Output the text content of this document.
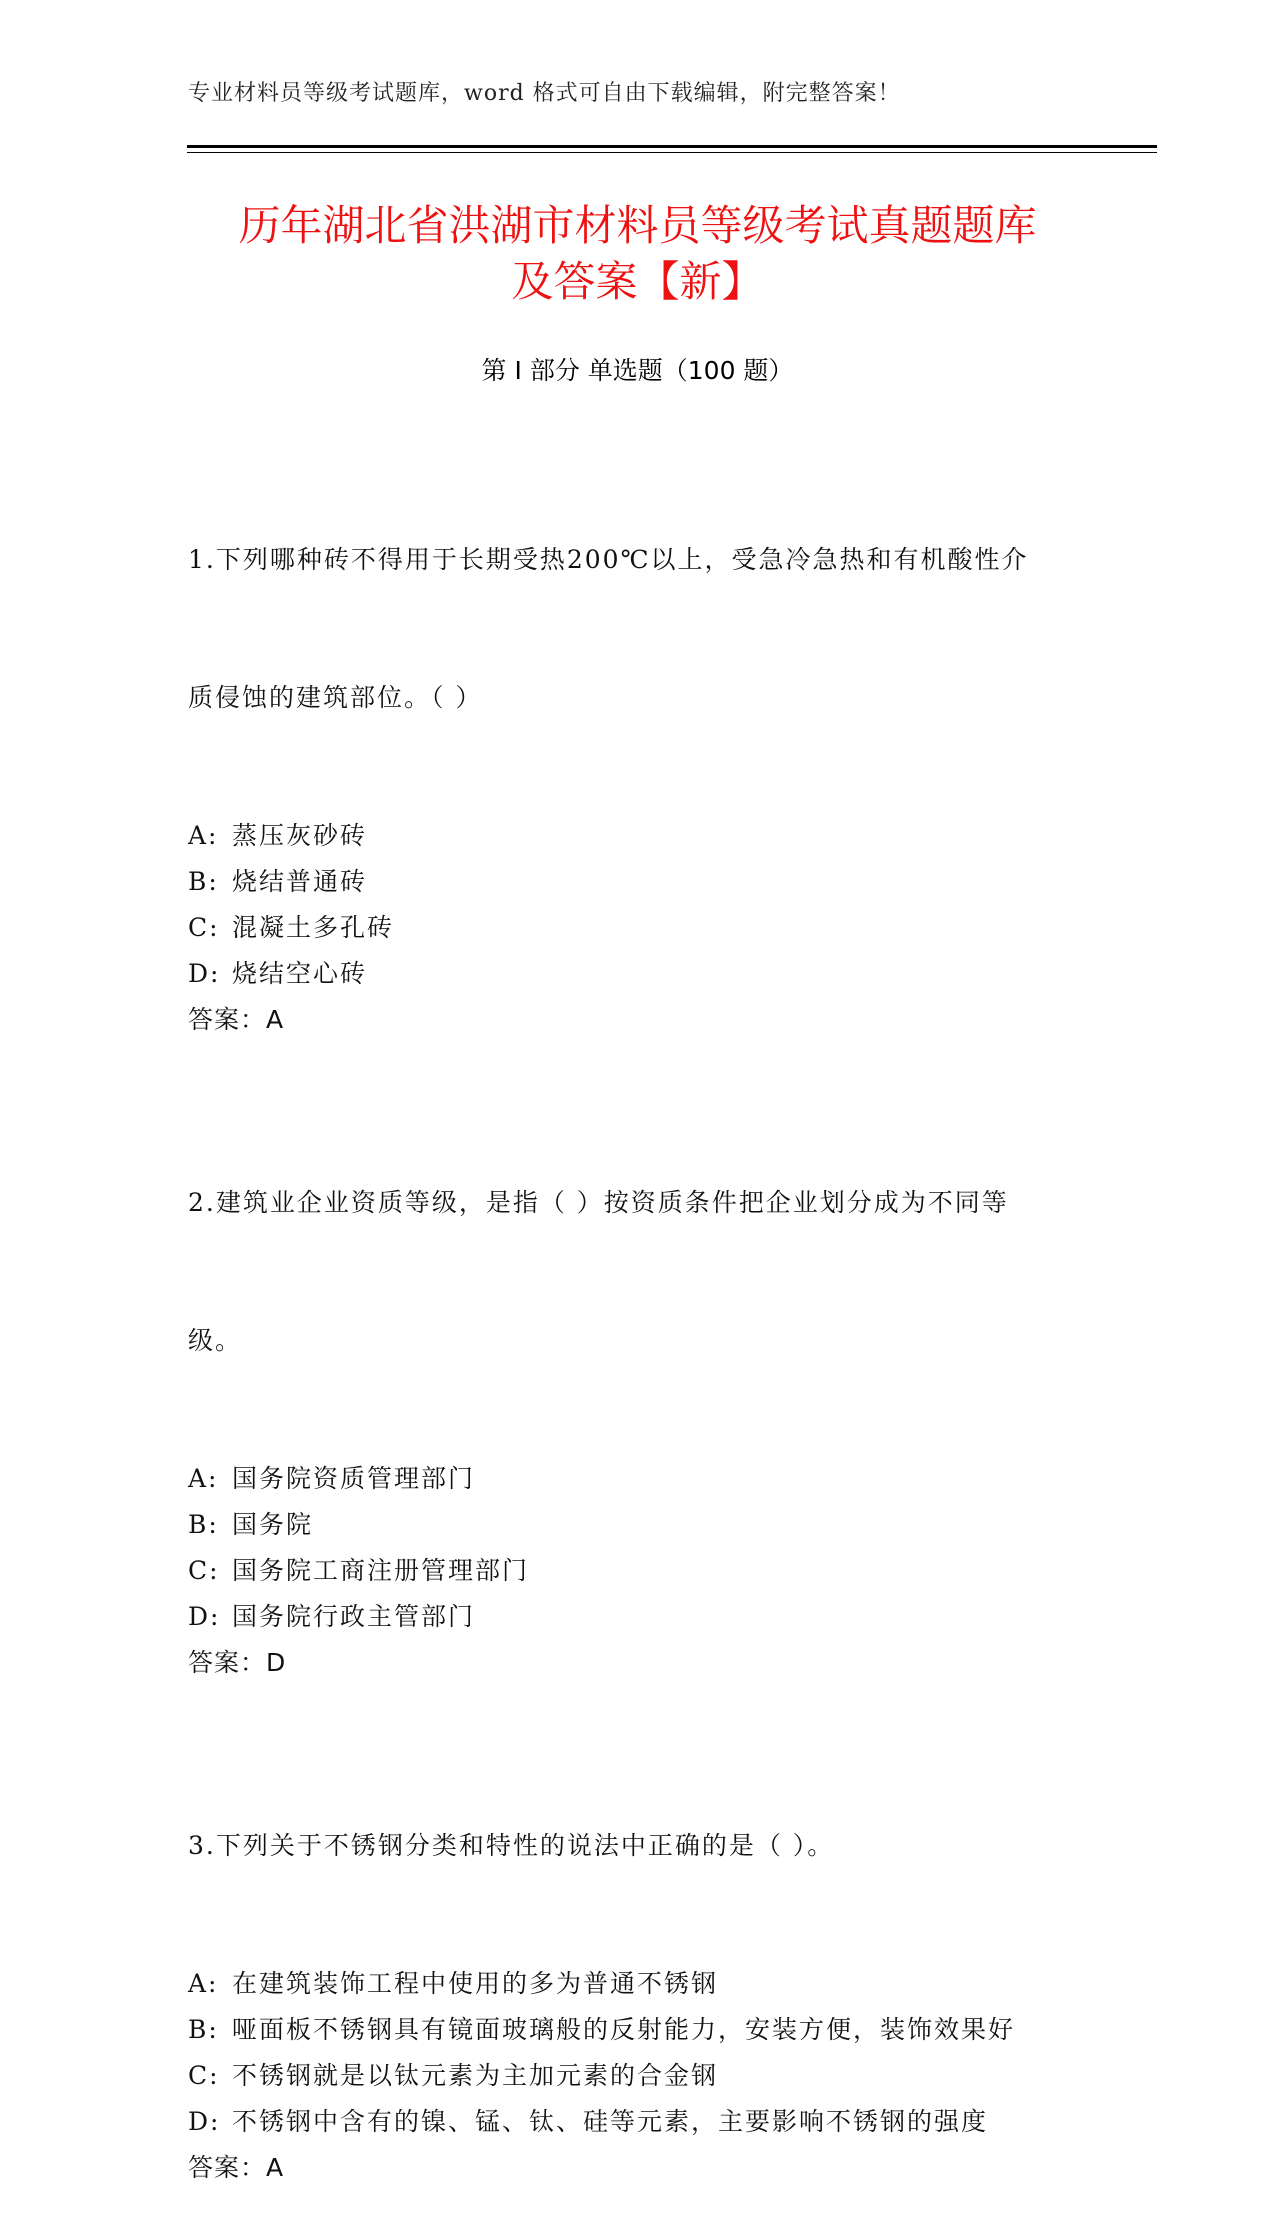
专业材料员等级考试题库，word 格式可自由下载编辑，附完整答案！
历年湖北省洪湖市材料员等级考试真题题库
及答案【新】
第 I 部分 单选题（100 题）

1.下列哪种砖不得用于长期受热200℃以上，受急冷急热和有机酸性介

质侵蚀的建筑部位。（ ）

A: 蒸压灰砂砖
B: 烧结普通砖
C: 混凝土多孔砖
D: 烧结空心砖
答案：A

2.建筑业企业资质等级，是指（ ）按资质条件把企业划分成为不同等

级。

A: 国务院资质管理部门
B: 国务院
C: 国务院工商注册管理部门
D: 国务院行政主管部门
答案：D

3.下列关于不锈钢分类和特性的说法中正确的是（ ）。

A: 在建筑装饰工程中使用的多为普通不锈钢
B: 哑面板不锈钢具有镜面玻璃般的反射能力，安装方便，装饰效果好
C: 不锈钢就是以钛元素为主加元素的合金钢
D: 不锈钢中含有的镍、锰、钛、硅等元素，主要影响不锈钢的强度
答案：A
